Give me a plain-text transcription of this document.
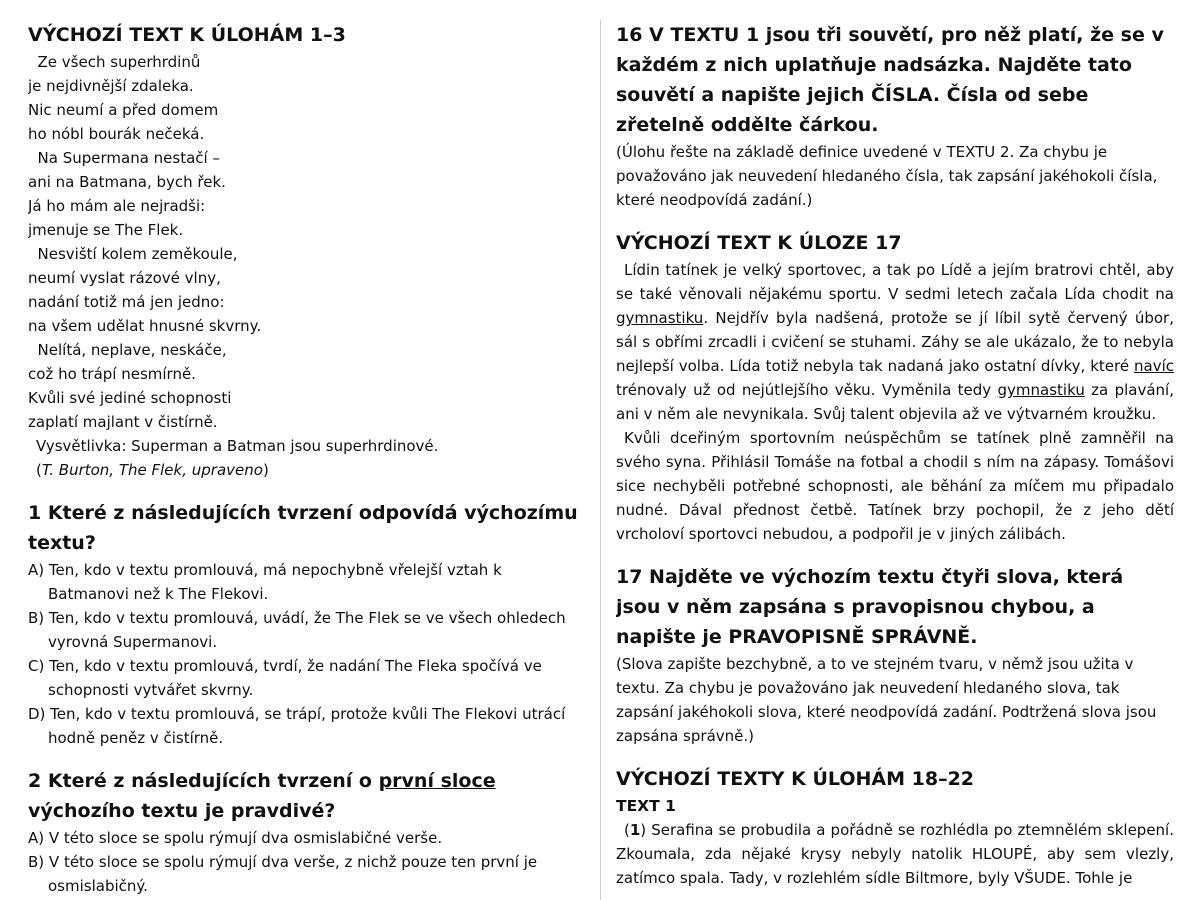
VÝCHOZÍ TEXT K ÚLOHÁM 1–3
Ze všech superhrdinů
je nejdivnější zdaleka.
Nic neumí a před domem
ho nóbl bourák nečeká.
Na Supermana nestačí –
ani na Batmana, bych řek.
Já ho mám ale nejradši:
jmenuje se The Flek.
Nesviští kolem zeměkoule,
neumí vyslat rázové vlny,
nadání totiž má jen jedno:
na všem udělat hnusné skvrny.
Nelítá, neplave, neskáče,
což ho trápí nesmírně.
Kvůli své jediné schopnosti
zaplatí majlant v čistírně.
Vysvětlivka: Superman a Batman jsou superhrdinové.
(T. Burton, The Flek, upraveno)
1 Které z následujících tvrzení odpovídá výchozímu textu?
A) Ten, kdo v textu promlouvá, má nepochybně vřelejší vztah k Batmanovi než k The Flekovi.
B) Ten, kdo v textu promlouvá, uvádí, že The Flek se ve všech ohledech vyrovná Supermanovi.
C) Ten, kdo v textu promlouvá, tvrdí, že nadání The Fleka spočívá ve schopnosti vytvářet skvrny.
D) Ten, kdo v textu promlouvá, se trápí, protože kvůli The Flekovi utrácí hodně peněz v čistírně.
2 Které z následujících tvrzení o první sloce výchozího textu je pravdivé?
A) V této sloce se spolu rýmují dva osmislabičné verše.
B) V této sloce se spolu rýmují dva verše, z nichž pouze ten první je osmislabičný.
16 V TEXTU 1 jsou tři souvětí, pro něž platí, že se v každém z nich uplatňuje nadsázka. Najděte tato souvětí a napište jejich ČÍSLA. Čísla od sebe zřetelně oddělte čárkou.
(Úlohu řešte na základě definice uvedené v TEXTU 2. Za chybu je považováno jak neuvedení hledaného čísla, tak zapsání jakéhokoli čísla, které neodpovídá zadání.)
VÝCHOZÍ TEXT K ÚLOZE 17
Lídin tatínek je velký sportovec, a tak po Lídě a jejím bratrovi chtěl, aby se také věnovali nějakému sportu. V sedmi letech začala Lída chodit na gymnastiku. Nejdřív byla nadšená, protože se jí líbil sytě červený úbor, sál s obřími zrcadli i cvičení se stuhami. Záhy se ale ukázalo, že to nebyla nejlepší volba. Lída totiž nebyla tak nadaná jako ostatní dívky, které navíc trénovaly už od nejútlejšího věku. Vyměnila tedy gymnastiku za plavání, ani v něm ale nevynikala. Svůj talent objevila až ve výtvarném kroužku.
Kvůli dceřiným sportovním neúspěchům se tatínek plně zamněřil na svého syna. Přihlásil Tomáše na fotbal a chodil s ním na zápasy. Tomášovi sice nechyběli potřebné schopnosti, ale běhání za míčem mu připadalo nudné. Dával přednost četbě. Tatínek brzy pochopil, že z jeho dětí vrcholoví sportovci nebudou, a podpořil je v jiných zálibách.
17 Najděte ve výchozím textu čtyři slova, která jsou v něm zapsána s pravopisnou chybou, a napište je PRAVOPISNĚ SPRÁVNĚ.
(Slova zapište bezchybně, a to ve stejném tvaru, v němž jsou užita v textu. Za chybu je považováno jak neuvedení hledaného slova, tak zapsání jakéhokoli slova, které neodpovídá zadání. Podtržená slova jsou zapsána správně.)
VÝCHOZÍ TEXTY K ÚLOHÁM 18–22
TEXT 1
(1) Serafina se probudila a pořádně se rozhlédla po ztemnělém sklepení. Zkoumala, zda nějaké krysy nebyly natolik HLOUPÉ, aby sem vlezly, zatímco spala. Tady, v rozlehlém sídle Biltmore, byly VŠUDE. Tohle je
